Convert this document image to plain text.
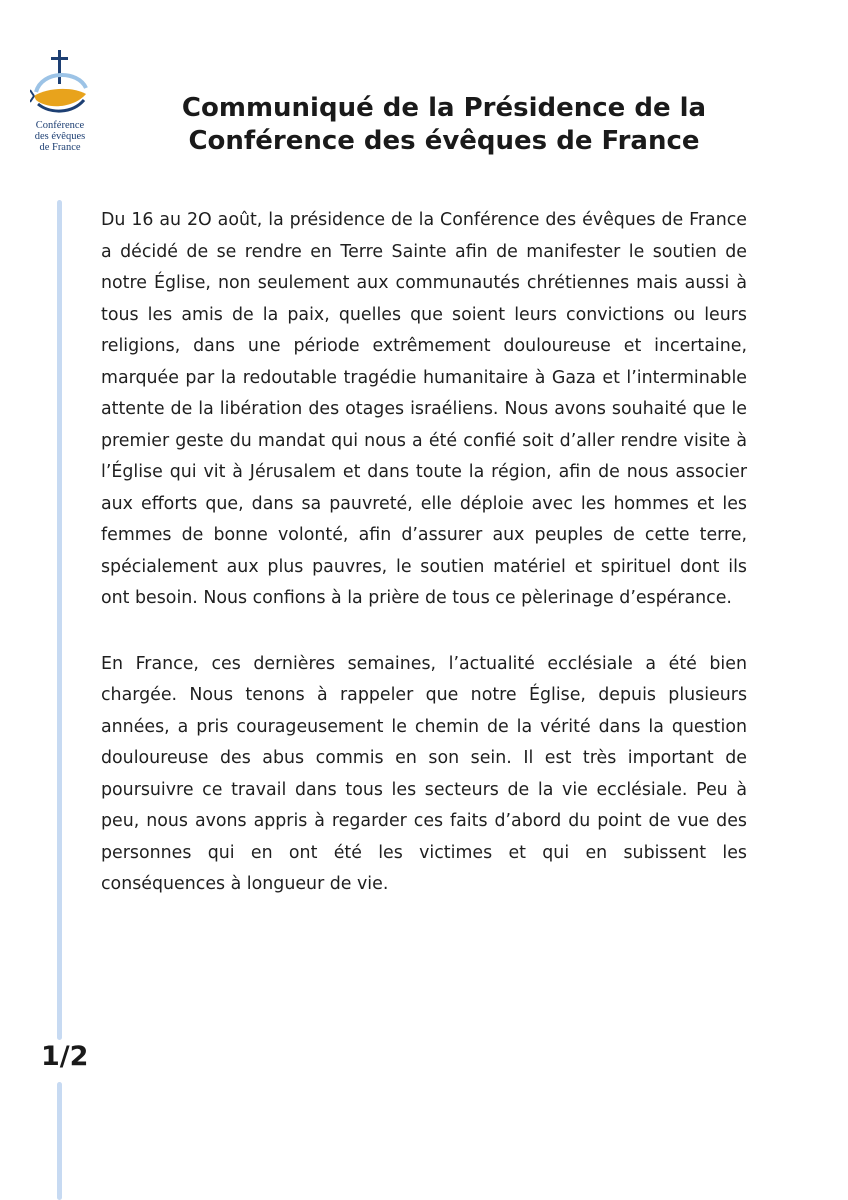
Conférence
des évêques
de France
Communiqué de la Présidence de la
Conférence des évêques de France
1/2

Du 16 au 2O août, la présidence de la Conférence des évêques de France a décidé de se rendre en Terre Sainte afin de manifester le soutien de notre Église, non seulement aux communautés chrétiennes mais aussi à tous les amis de la paix, quelles que soient leurs convictions ou leurs religions, dans une période extrêmement douloureuse et incertaine, marquée par la redoutable tragédie humanitaire à Gaza et l’interminable attente de la libération des otages israéliens. Nous avons souhaité que le premier geste du mandat qui nous a été confié soit d’aller rendre visite à l’Église qui vit à Jérusalem et dans toute la région, afin de nous associer aux efforts que, dans sa pauvreté, elle déploie avec les hommes et les femmes de bonne volonté, afin d’assurer aux peuples de cette terre, spécialement aux plus pauvres, le soutien matériel et spirituel dont ils ont besoin. Nous confions à la prière de tous ce pèlerinage d’espérance.

En France, ces dernières semaines, l’actualité ecclésiale a été bien chargée. Nous tenons à rappeler que notre Église, depuis plusieurs années, a pris courageusement le chemin de la vérité dans la question douloureuse des abus commis en son sein. Il est très important de poursuivre ce travail dans tous les secteurs de la vie ecclésiale. Peu à peu, nous avons appris à regarder ces faits d’abord du point de vue des personnes qui en ont été les victimes et qui en subissent les conséquences à longueur de vie.
